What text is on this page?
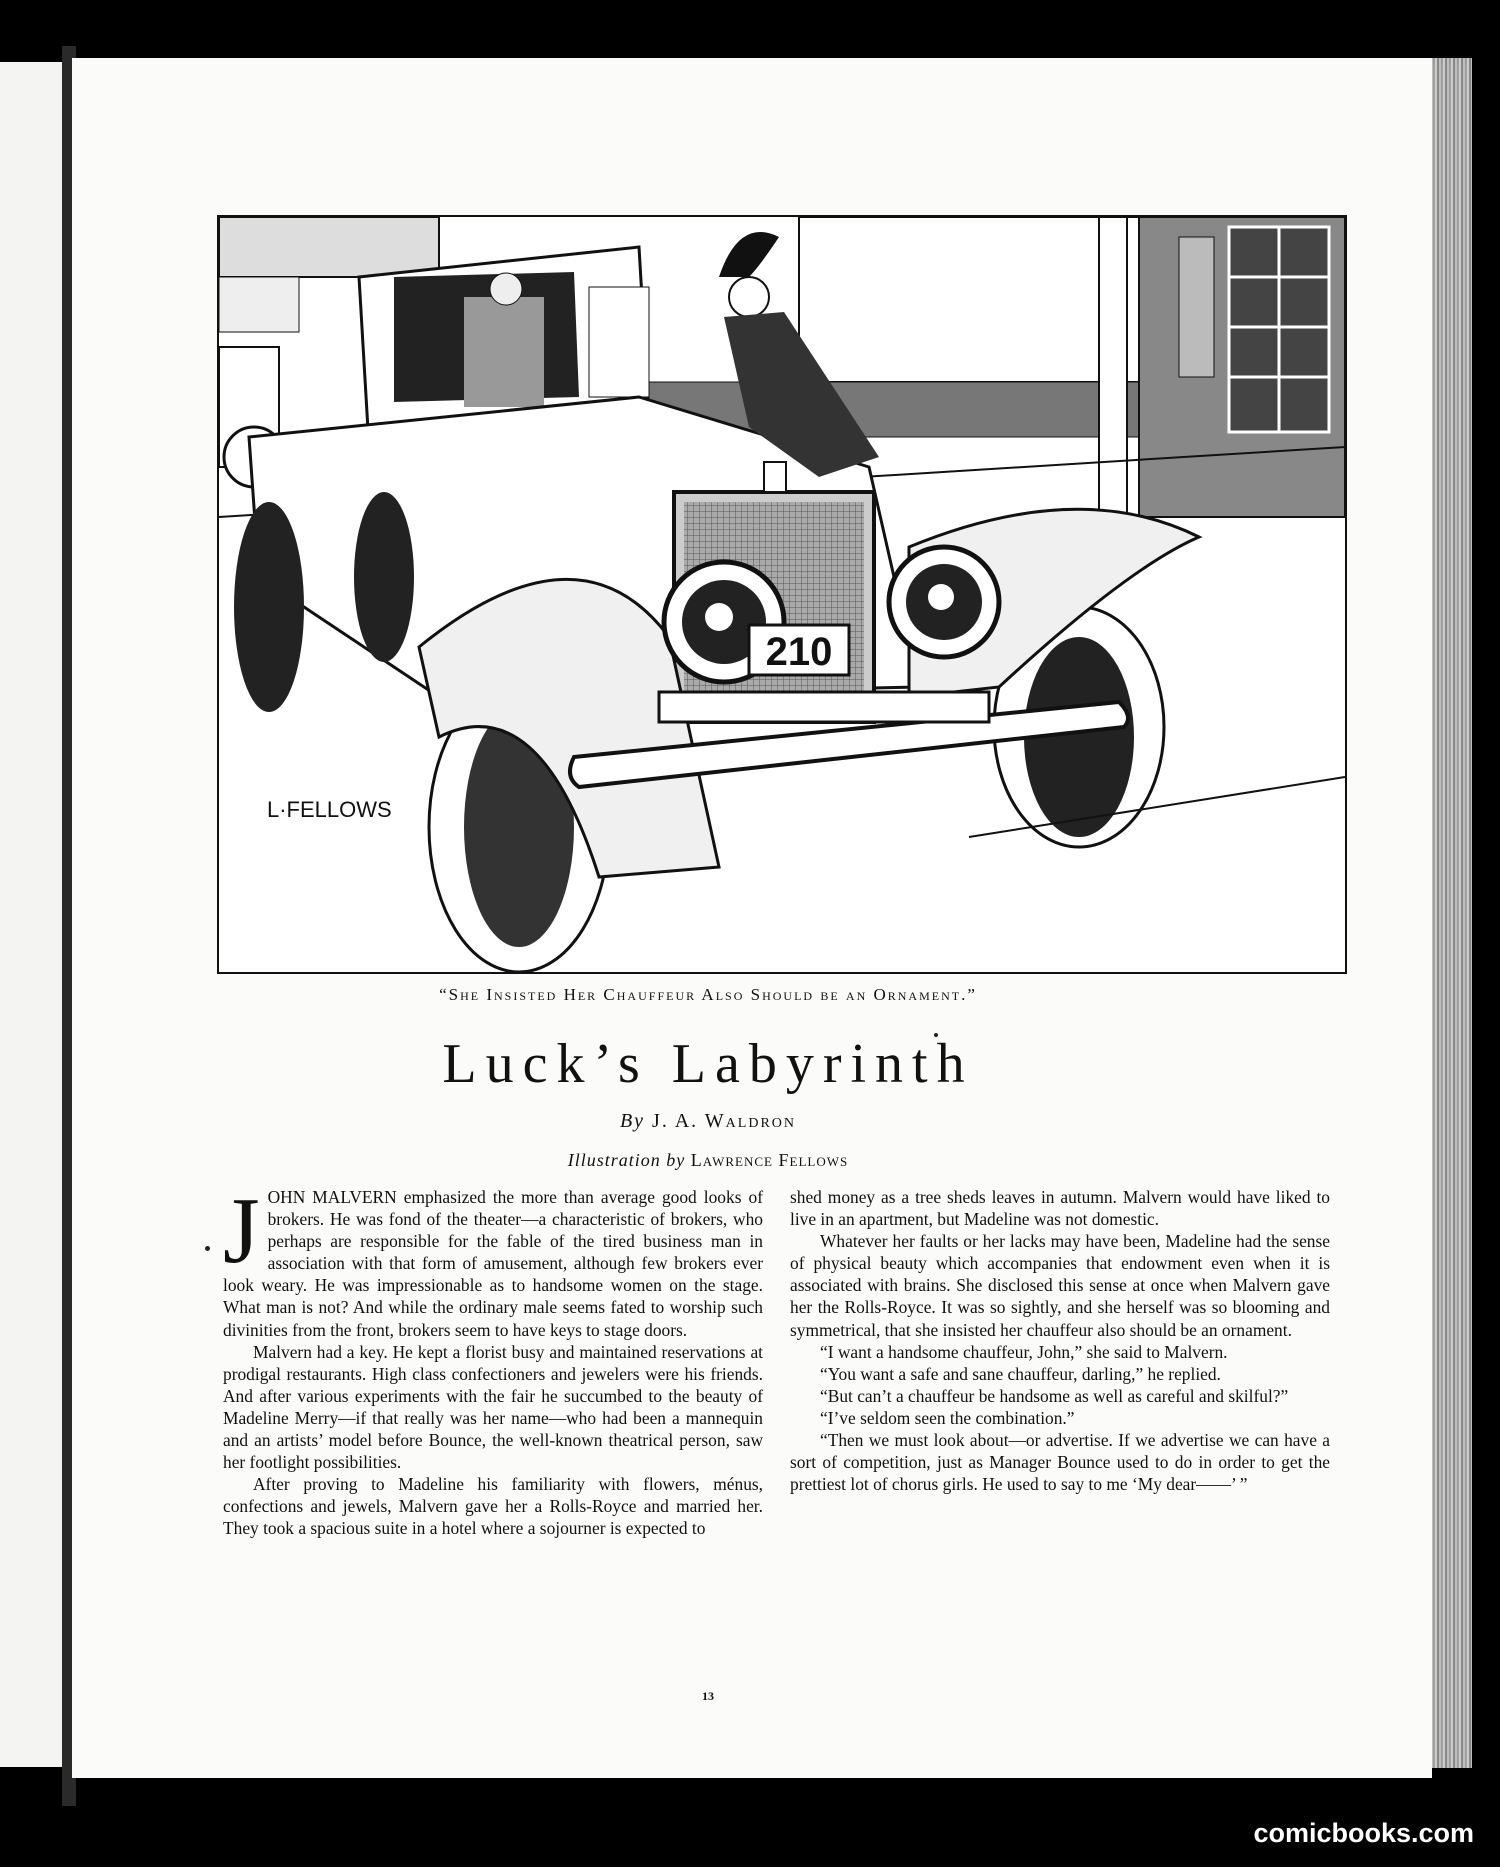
210
L·FELLOWS
“She Insisted Her Chauffeur Also Should be an Ornament.”
Luck’s Labyrinth
By J. A. Waldron
Illustration by Lawrence Fellows
J OHN MALVERN emphasized the more than average good looks of brokers. He was fond of the theater—a characteristic of brokers, who perhaps are responsible for the fable of the tired business man in association with that form of amusement, although few brokers ever look weary. He was impressionable as to handsome women on the stage. What man is not? And while the ordinary male seems fated to worship such divinities from the front, brokers seem to have keys to stage doors.

Malvern had a key. He kept a florist busy and maintained reservations at prodigal restaurants. High class confectioners and jewelers were his friends. And after various experiments with the fair he succumbed to the beauty of Madeline Merry—if that really was her name—who had been a mannequin and an artists’ model before Bounce, the well-known theatrical person, saw her footlight possibilities.

After proving to Madeline his familiarity with flowers, ménus, confections and jewels, Malvern gave her a Rolls-Royce and married her. They took a spacious suite in a hotel where a sojourner is expected to

shed money as a tree sheds leaves in autumn. Malvern would have liked to live in an apartment, but Madeline was not domestic.

Whatever her faults or her lacks may have been, Madeline had the sense of physical beauty which accompanies that endowment even when it is associated with brains. She disclosed this sense at once when Malvern gave her the Rolls-Royce. It was so sightly, and she herself was so blooming and symmetrical, that she insisted her chauffeur also should be an ornament.

“I want a handsome chauffeur, John,” she said to Malvern.

“You want a safe and sane chauffeur, darling,” he replied.

“But can’t a chauffeur be handsome as well as careful and skilful?”

“I’ve seldom seen the combination.”

“Then we must look about—or advertise. If we advertise we can have a sort of competition, just as Manager Bounce used to do in order to get the prettiest lot of chorus girls. He used to say to me ‘My dear——’ ”

13
comicbooks.com
